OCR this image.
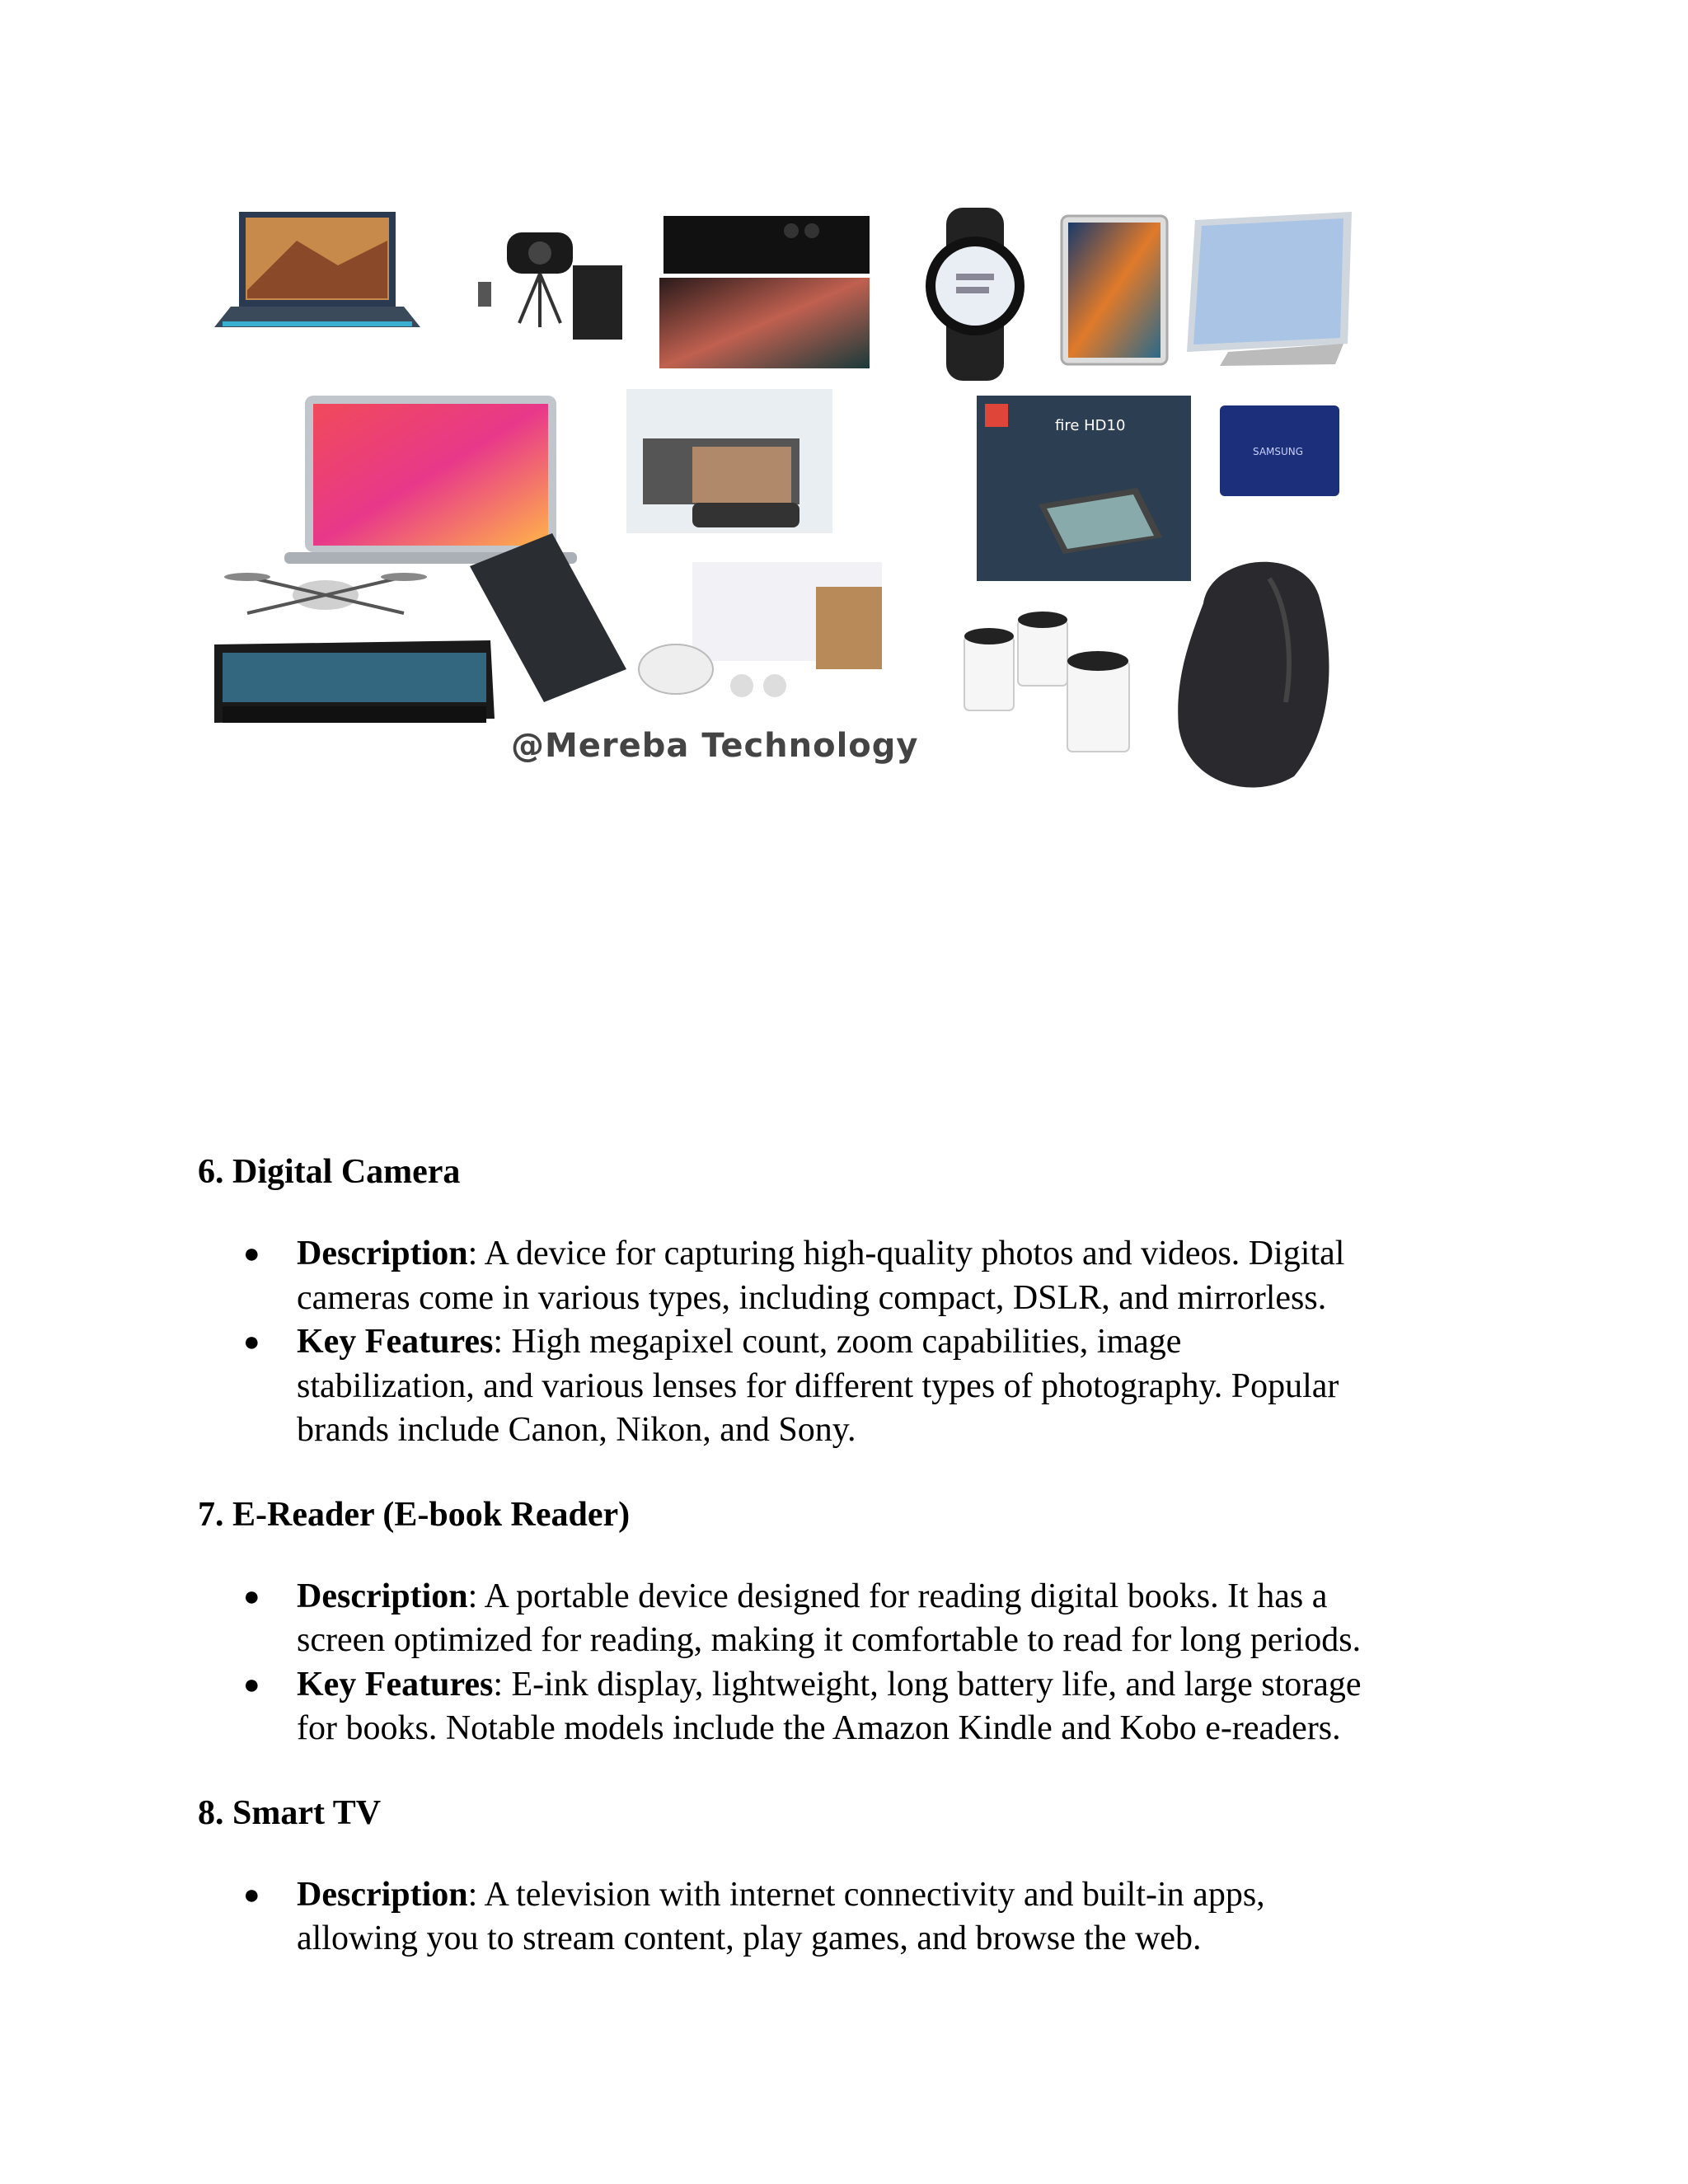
fire HD10
SAMSUNG
@Mereba Technology
6. Digital Camera
● Description: A device for capturing high-quality photos and videos. Digital
cameras come in various types, including compact, DSLR, and mirrorless.
● Key Features: High megapixel count, zoom capabilities, image
stabilization, and various lenses for different types of photography. Popular
brands include Canon, Nikon, and Sony.
7. E-Reader (E-book Reader)
● Description: A portable device designed for reading digital books. It has a
screen optimized for reading, making it comfortable to read for long periods.
● Key Features: E-ink display, lightweight, long battery life, and large storage
for books. Notable models include the Amazon Kindle and Kobo e-readers.
8. Smart TV
● Description: A television with internet connectivity and built-in apps,
allowing you to stream content, play games, and browse the web.
